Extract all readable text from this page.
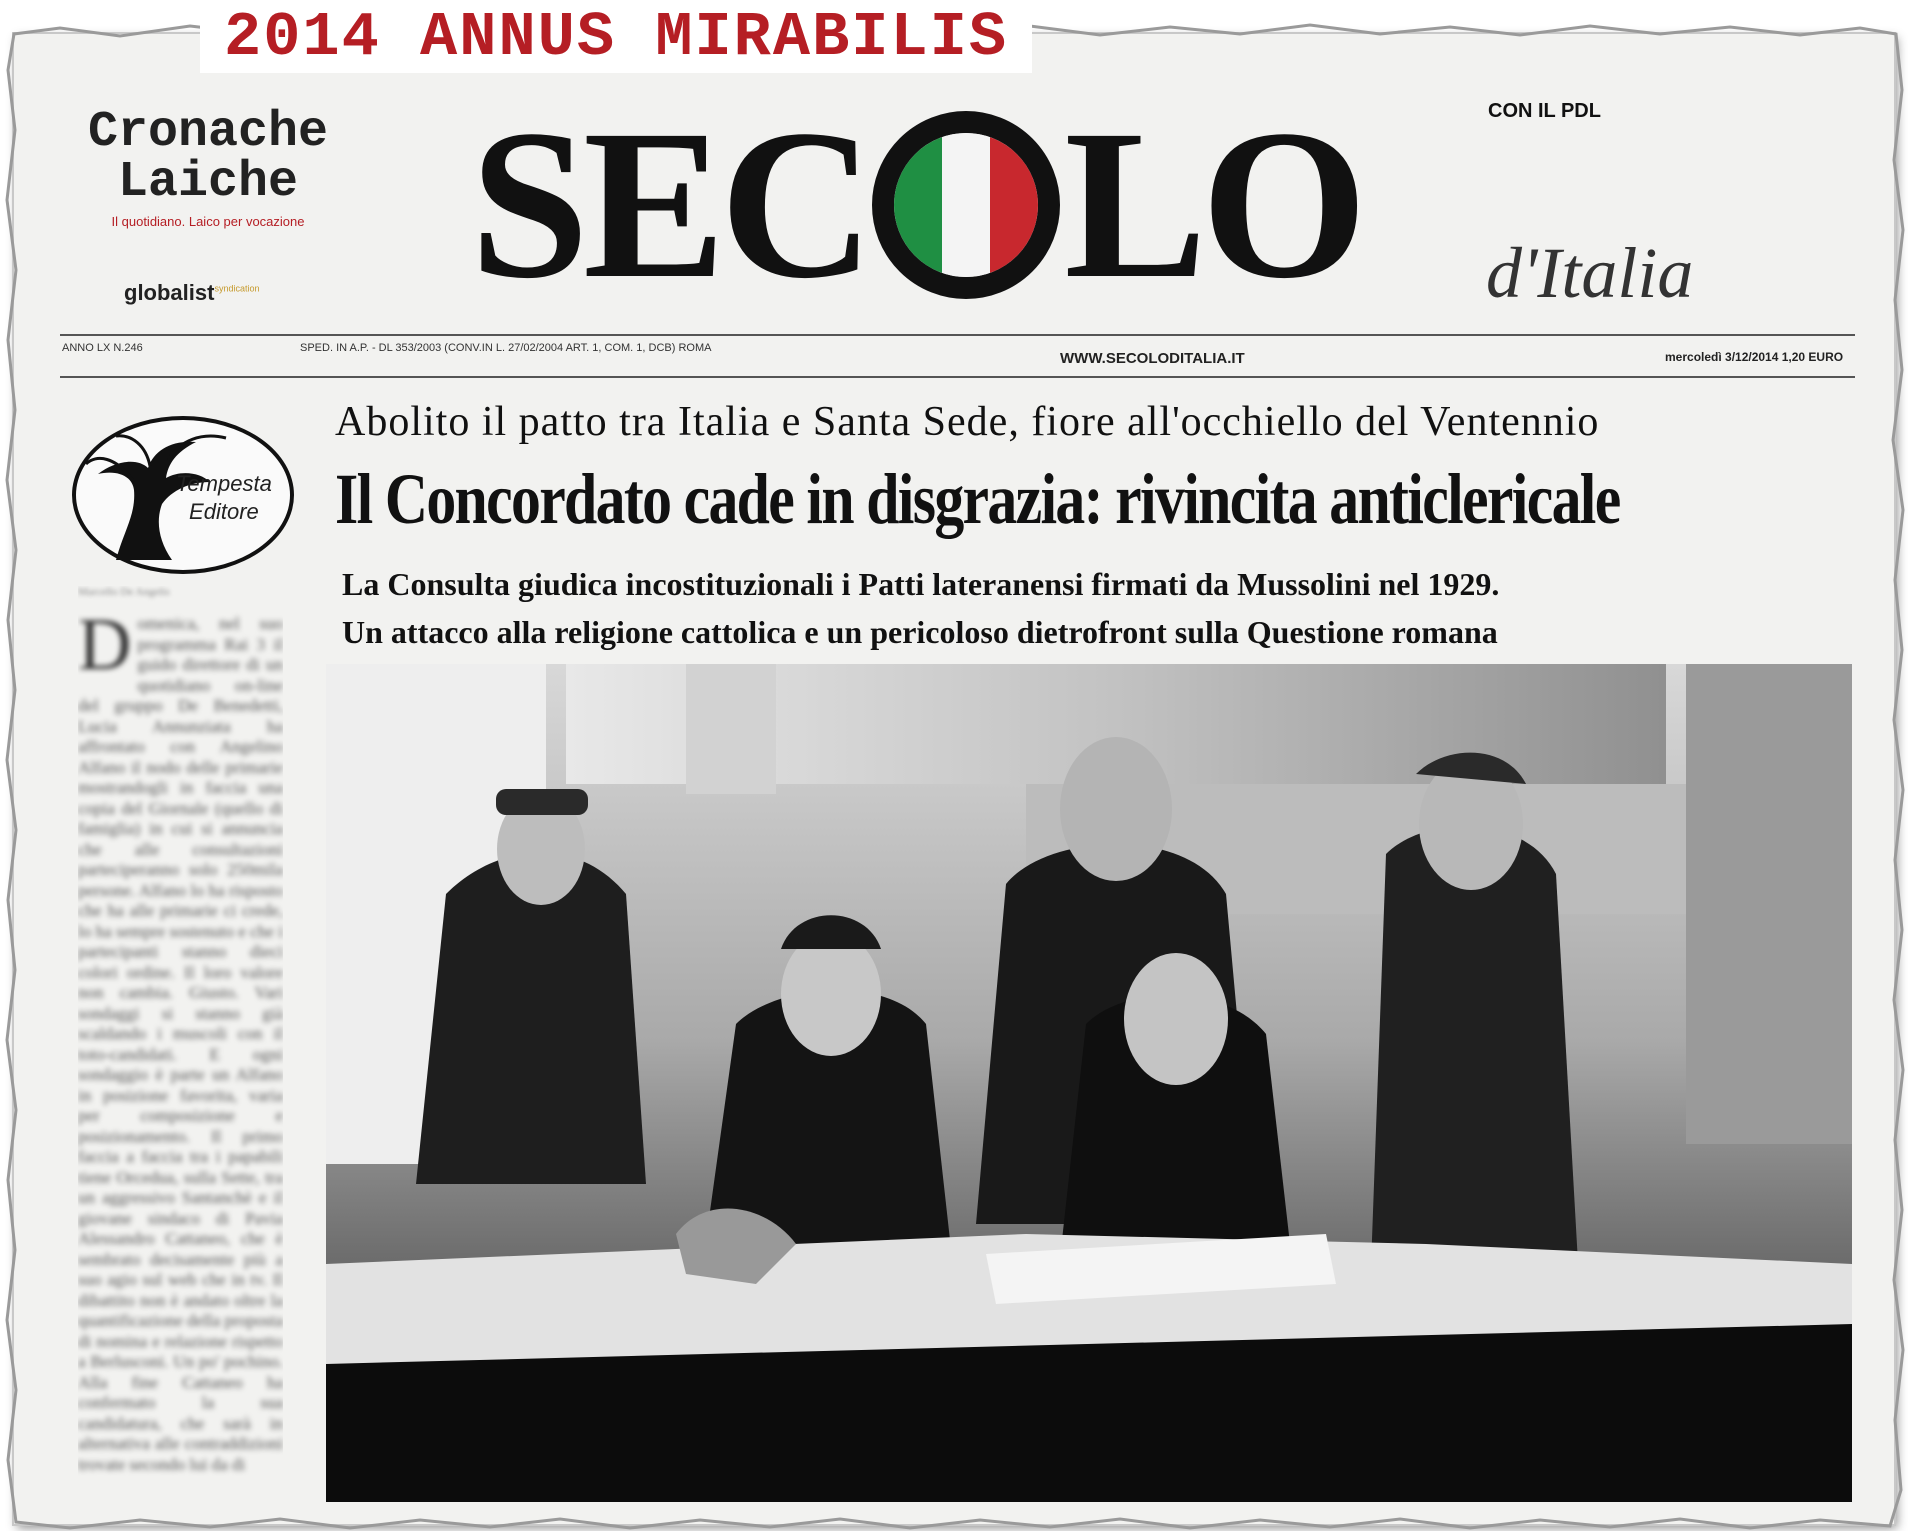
2014 ANNUS MIRABILIS
Cronache
Laiche
Il quotidiano. Laico per vocazione
globalist$^{syndication}$ SEC LO	CON IL PDL
d'Italia
ANNO LX N.246	SPED. IN A.P. - DL 353/2003 (CONV.IN L. 27/02/2004 ART. 1, COM. 1, DCB) ROMA
WWW.SECOLODITALIA.IT	mercoledì 3/12/2014 1,20 EURO
Tempesta
Editore
Abolito il patto tra Italia e Santa Sede, fiore all'occhiello del Ventennio
Il Concordato cade in disgrazia: rivincita anticlericale
La Consulta giudica incostituzionali i Patti lateranensi firmati da Mussolini nel 1929.
Un attacco alla religione cattolica e un pericoloso dietrofront sulla Questione romana
Marcello De Angelis
Domenica, nel suo programma Rai 3 il guido direttore di un quotidiano on-line del gruppo De Benedetti, Lucia Annunziata ha affrontato con Angelino Alfano il nodo delle primarie mostrandogli in faccia una copia del Giornale (quello di famiglia) in cui si annuncia che alle consultazioni parteciperanno solo 250mila persone. Alfano lo ha risposto che ha alle primarie ci crede, lo ha sempre sostenuto e che i partecipanti stanno dieci colori ordine. Il loro valore non cambia. Giusto. Vari sondaggi si stanno già scaldando i muscoli con il toto-candidati. E ogni sondaggio è parte un Alfano in posizione favorita, varia per composizione e posizionamento. Il primo faccia a faccia tra i papabili tiene Orcedua, sulla Sette, tra un aggressivo Santanchè e il giovane sindaco di Pavia Alessandro Cattaneo, che è sembrato decisamente più a suo agio sul web che in tv. Il dibattito non è andato oltre la quantificazione della proposta di nomina e relazione rispetto a Berlusconi. Un po' pochino. Alla fine Cattaneo ha confermato la sua candidatura, che sarà in alternativa alle contraddizioni trovate secondo lui da di
